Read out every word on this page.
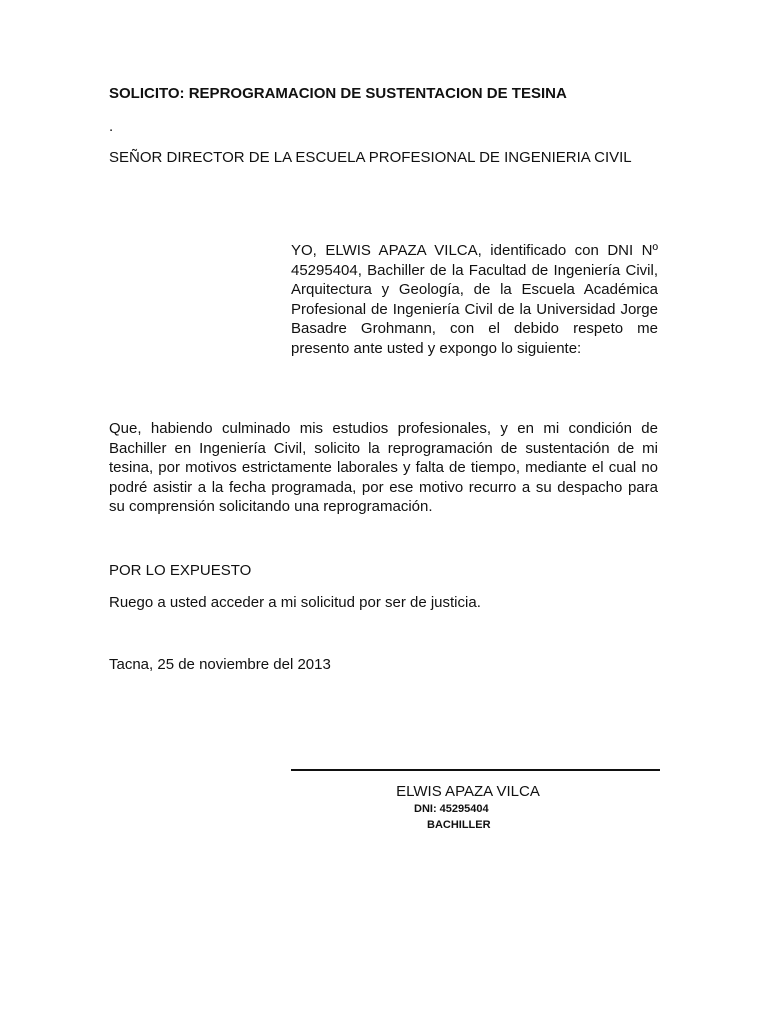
SOLICITO: REPROGRAMACION DE SUSTENTACION DE TESINA
.
SEÑOR DIRECTOR DE LA ESCUELA PROFESIONAL DE INGENIERIA CIVIL
YO, ELWIS APAZA VILCA, identificado con DNI Nº 45295404, Bachiller de la Facultad de Ingeniería Civil, Arquitectura y Geología, de la Escuela Académica Profesional de Ingeniería Civil de la Universidad Jorge Basadre Grohmann, con el debido respeto me presento ante usted y expongo lo siguiente:
Que, habiendo culminado mis estudios profesionales, y en mi condición de Bachiller en Ingeniería Civil, solicito la reprogramación de sustentación de mi tesina, por motivos estrictamente laborales y falta de tiempo, mediante el cual no podré asistir a la fecha programada, por ese motivo recurro a su despacho para su comprensión solicitando una reprogramación.
POR LO EXPUESTO
Ruego a usted acceder a mi solicitud por ser de justicia.
Tacna, 25 de noviembre del 2013
ELWIS APAZA VILCA
DNI: 45295404
BACHILLER
